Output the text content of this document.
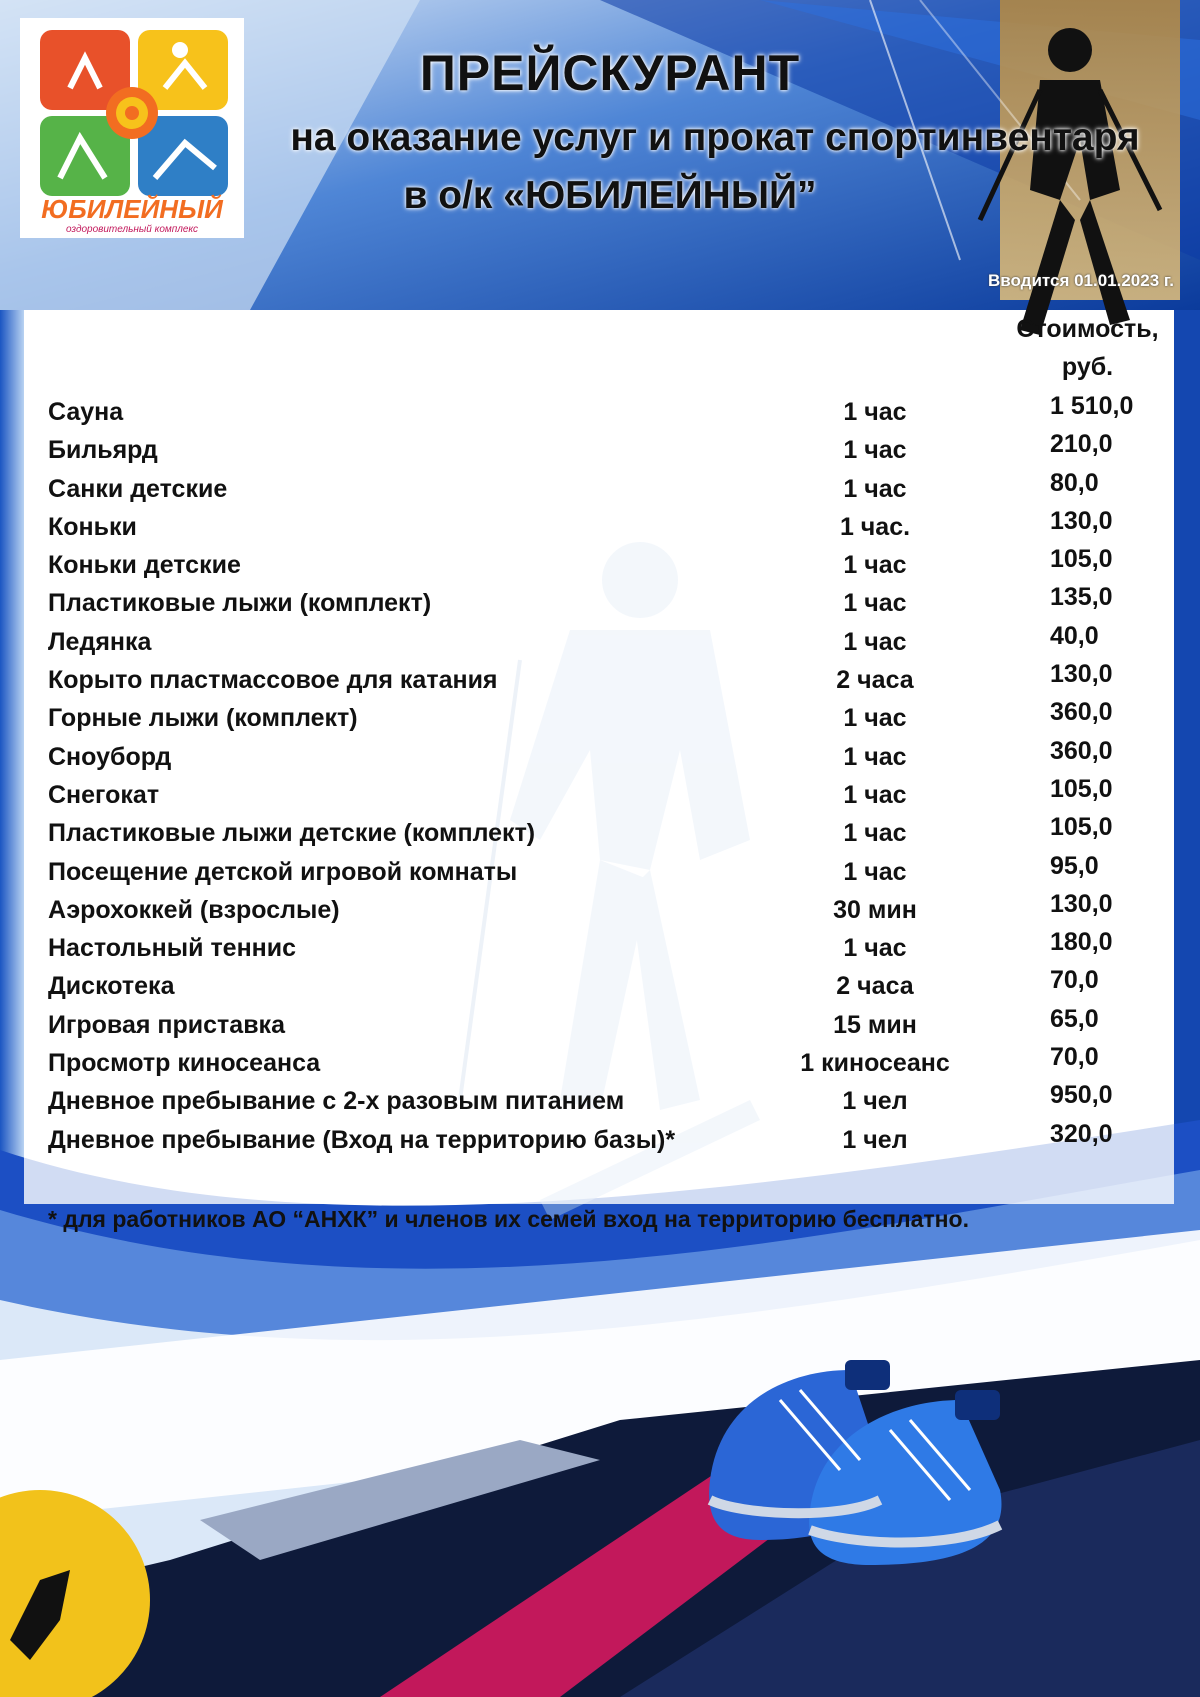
ЮБИЛЕЙНЫЙ
оздоровительный комплекс
ПРЕЙСКУРАНТ
на оказание услуг и прокат спортинвентаря
в о/к «ЮБИЛЕЙНЫЙ”
Вводится 01.01.2023 г.
Стоимость,
руб.
Сауна	1 час	1 510,0
Бильярд	1 час	210,0
Санки детские	1 час	80,0
Коньки	1 час.	130,0
Коньки детские	1 час	105,0
Пластиковые лыжи (комплект)	1 час	135,0
Ледянка	1 час	40,0
Корыто пластмассовое для катания	2 часа	130,0
Горные лыжи (комплект)	1 час	360,0
Сноуборд	1 час	360,0
Снегокат	1 час	105,0
Пластиковые лыжи детские (комплект)	1 час	105,0
Посещение детской игровой комнаты	1 час	95,0
Аэрохоккей (взрослые)	30 мин	130,0
Настольный теннис	1 час	180,0
Дискотека	2 часа	70,0
Игровая приставка	15 мин	65,0
Просмотр киносеанса	1 киносеанс	70,0
Дневное пребывание с 2-х разовым питанием	1 чел	950,0
Дневное пребывание (Вход на территорию базы)*	1 чел	320,0
* для работников АО “АНХК” и членов их семей вход на территорию бесплатно.
